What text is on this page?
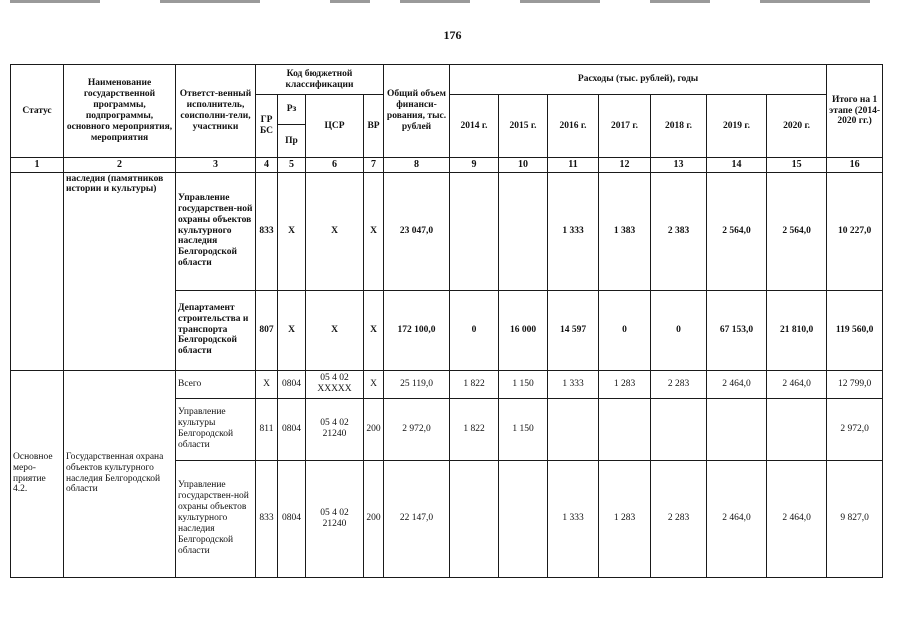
176
Статус	Наименование государственной программы, подпрограммы, основного мероприятия, мероприятия	Ответст-венный исполнитель, соисполни-тели, участники	Код бюджетной классификации				Общий объем финанси-рования, тыс. рублей	Расходы (тыс. рублей), годы							Итого на 1 этапе (2014-2020 гг.)
			ГР БС	Рз	ЦСР	ВР		2014 г.	2015 г.	2016 г.	2017 г.	2018 г.	2019 г.	2020 г.	
				Пр											
1	2	3	4	5	6	7	8	9	10	11	12	13	14	15	16
	наследия (памятников истории и культуры)	Управление государствен-ной охраны объектов культурного наследия Белгородской области	833	Х	Х	Х	23 047,0			1 333	1 383	2 383	2 564,0	2 564,0	10 227,0
		Департамент строительства и транспорта Белгородской области	807	Х	Х	Х	172 100,0	0	16 000	14 597	0	0	67 153,0	21 810,0	119 560,0
Основное меро-приятие 4.2.	Государственная охрана объектов культурного наследия Белгородской области	Всего	Х	0804	05 4 02 ХХХХХ	Х	25 119,0	1 822	1 150	1 333	1 283	2 283	2 464,0	2 464,0	12 799,0
		Управление культуры Белгородской области	811	0804	05 4 02 21240	200	2 972,0	1 822	1 150						2 972,0
		Управление государствен-ной охраны объектов культурного наследия Белгородской области	833	0804	05 4 02 21240	200	22 147,0			1 333	1 283	2 283	2 464,0	2 464,0	9 827,0
